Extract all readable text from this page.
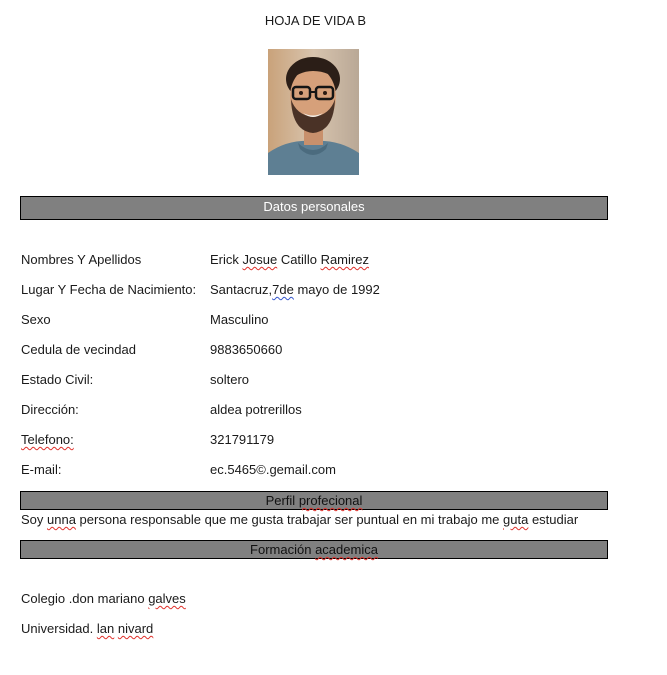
HOJA DE VIDA B
Datos personales
Nombres Y Apellidos	Erick Josue Catillo Ramirez
Lugar Y Fecha de Nacimiento: Santacruz,7de mayo de 1992
Sexo	Masculino
Cedula de vecindad	9883650660
Estado Civil:	soltero
Dirección:	aldea potrerillos
Telefono:	321791179
E-mail:	ec.5465©.gemail.com
Perfil profecional
Soy unna persona responsable que me gusta trabajar ser puntual en mi trabajo me guta estudiar
Formación academica
Colegio .don mariano galves
Universidad. lan nivard
